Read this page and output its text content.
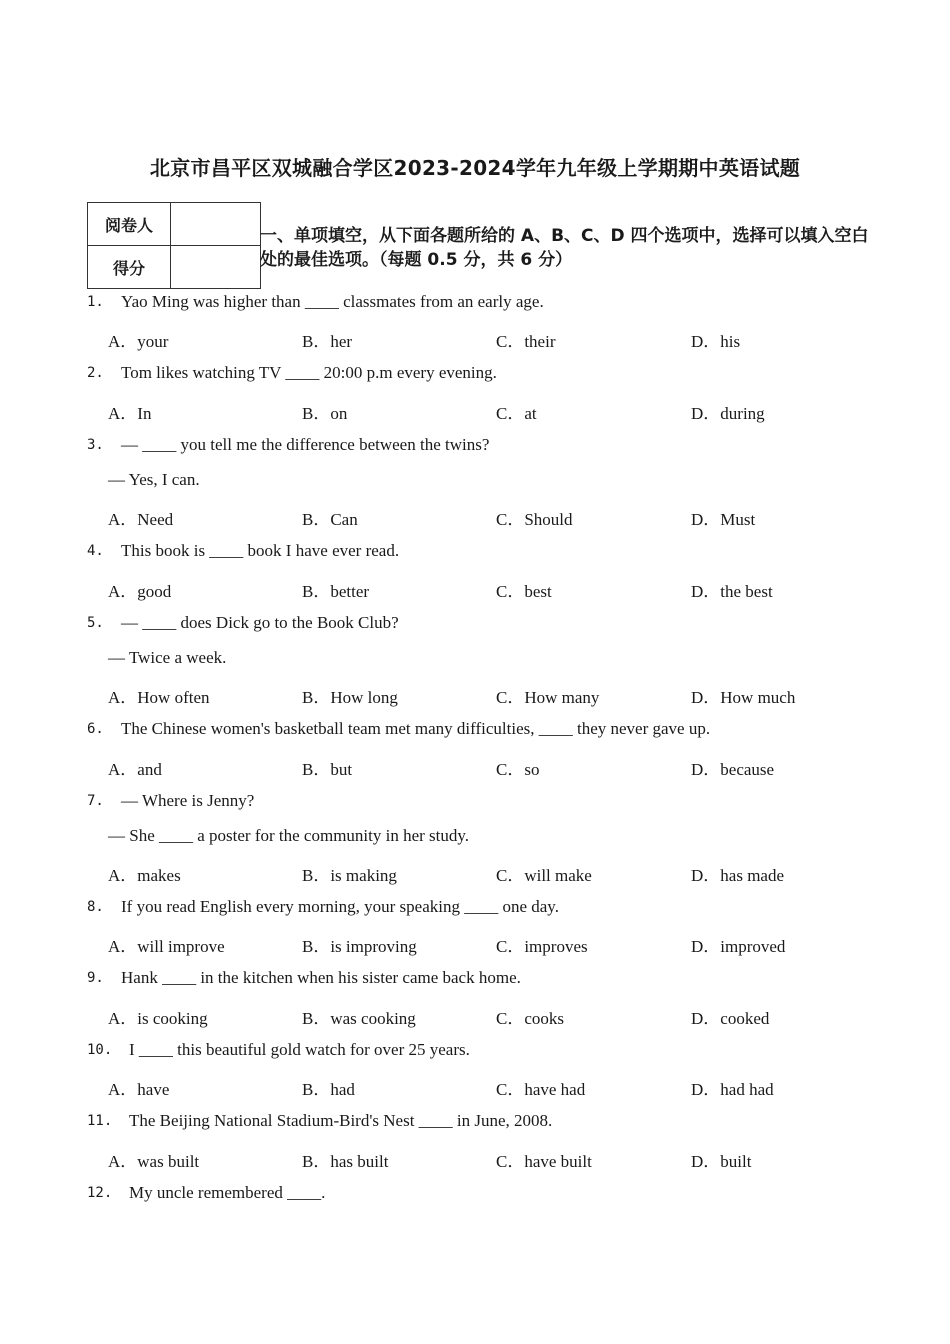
北京市昌平区双城融合学区2023-2024学年九年级上学期期中英语试题
阅卷人	
得分	
一、单项填空，从下面各题所给的 A、B、C、D 四个选项中，选择可以填入空白处的最佳选项。（每题 0.5 分，共 6 分）
1. Yao Ming was higher than ____ classmates from an early age.
A．your	B．her	C．their	D．his
2. Tom likes watching TV ____ 20:00 p.m every evening.
A．In	B．on	C．at	D．during
3. — ____ you tell me the difference between the twins?
— Yes, I can.
A．Need	B．Can	C．Should	D．Must
4. This book is ____ book I have ever read.
A．good	B．better	C．best	D．the best
5. — ____ does Dick go to the Book Club?
— Twice a week.
A．How often	B．How long	C．How many	D．How much
6. The Chinese women's basketball team met many difficulties, ____ they never gave up.
A．and	B．but	C．so	D．because
7. — Where is Jenny?
— She ____ a poster for the community in her study.
A．makes	B．is making	C．will make	D．has made
8. If you read English every morning, your speaking ____ one day.
A．will improve	B．is improving	C．improves	D．improved
9. Hank ____ in the kitchen when his sister came back home.
A．is cooking	B．was cooking	C．cooks	D．cooked
10. I ____ this beautiful gold watch for over 25 years.
A．have	B．had	C．have had	D．had had
11. The Beijing National Stadium-Bird's Nest ____ in June, 2008.
A．was built	B．has built	C．have built	D．built
12. My uncle remembered ____.
